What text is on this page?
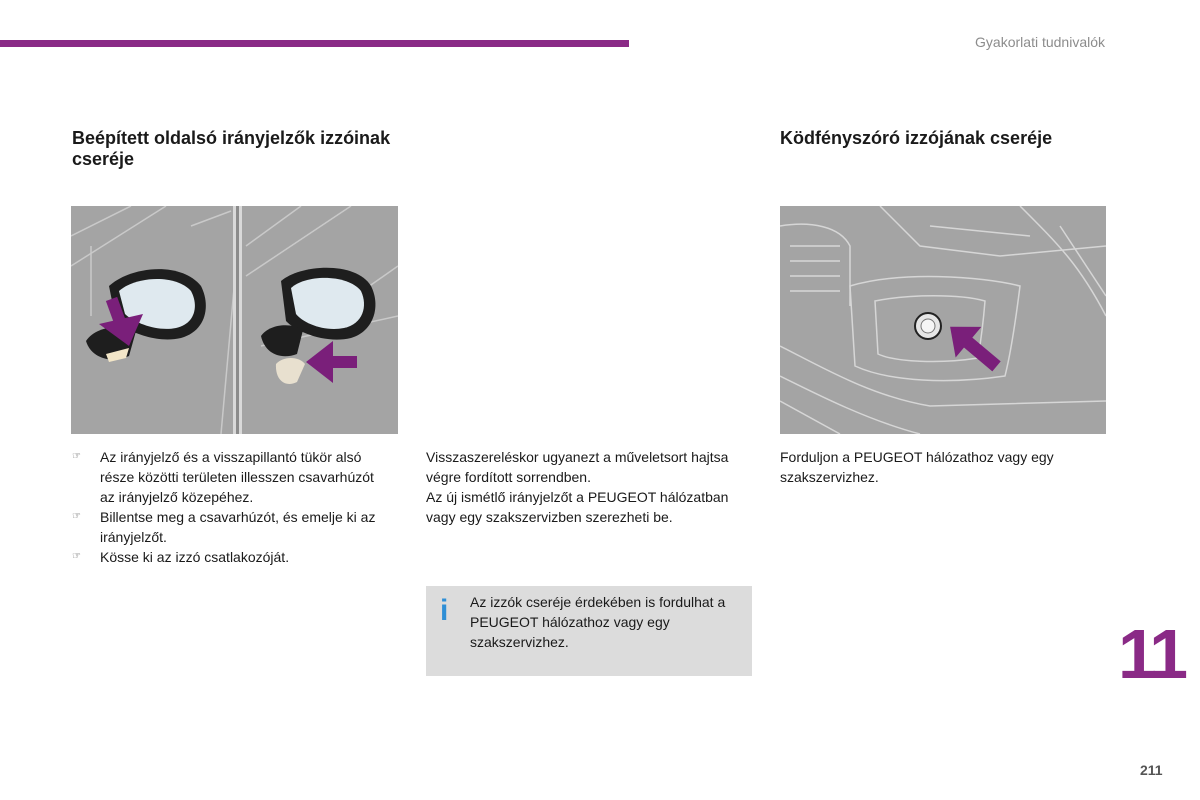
Gyakorlati tudnivalók
Beépített oldalsó irányjelzők izzóinak cseréje
Ködfényszóró izzójának cseréje
☞ Az irányjelző és a visszapillantó tükör alsó része közötti területen illesszen csavarhúzót az irányjelző közepéhez.
☞ Billentse meg a csavarhúzót, és emelje ki az irányjelzőt.
☞ Kösse ki az izzó csatlakozóját.

Visszaszereléskor ugyanezt a műveletsort hajtsa végre fordított sorrendben.

Az új ismétlő irányjelzőt a PEUGEOT hálózatban vagy egy szakszervizben szerezheti be.

i Az izzók cseréje érdekében is fordulhat a PEUGEOT hálózathoz vagy egy szakszervizhez.

Forduljon a PEUGEOT hálózathoz vagy egy szakszervizhez.

11
211
